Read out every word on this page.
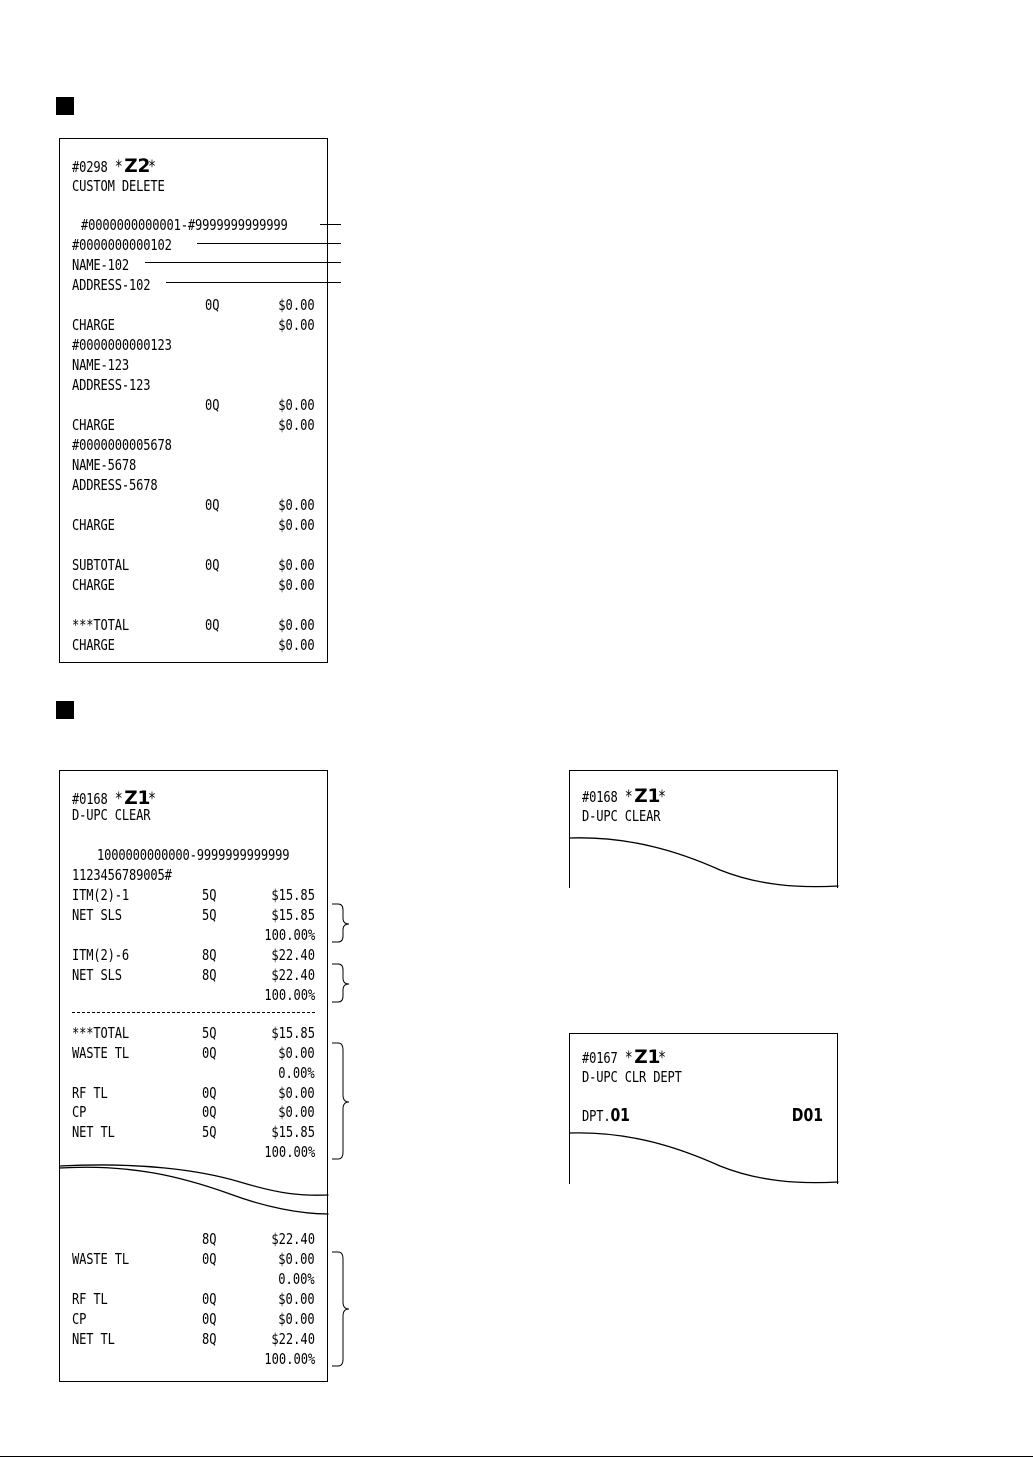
#0298 *Z2*
CUSTOM DELETE
#0000000000001-#9999999999999
#0000000000102
NAME-102
ADDRESS-102
0Q	$0.00
CHARGE	$0.00
#0000000000123
NAME-123
ADDRESS-123
0Q	$0.00
CHARGE	$0.00
#0000000005678
NAME-5678
ADDRESS-5678
0Q	$0.00
CHARGE	$0.00
SUBTOTAL	0Q	$0.00
CHARGE	$0.00
***TOTAL	0Q	$0.00
CHARGE	$0.00
#0168 *Z1*
D-UPC CLEAR
1000000000000-9999999999999
1123456789005#
ITM(2)-1	5Q	$15.85
NET SLS	5Q	$15.85
100.00%
ITM(2)-6	8Q	$22.40
NET SLS	8Q	$22.40
100.00%
***TOTAL	5Q	$15.85
WASTE TL	0Q	$0.00
0.00%
RF TL	0Q	$0.00
CP	0Q	$0.00
NET TL	5Q	$15.85
100.00%
8Q	$22.40
WASTE TL	0Q	$0.00
0.00%
RF TL	0Q	$0.00
CP	0Q	$0.00
NET TL	8Q	$22.40
100.00%
#0168 *Z1*
D-UPC CLEAR
#0167 *Z1*
D-UPC CLR DEPT
DPT.01	D01
